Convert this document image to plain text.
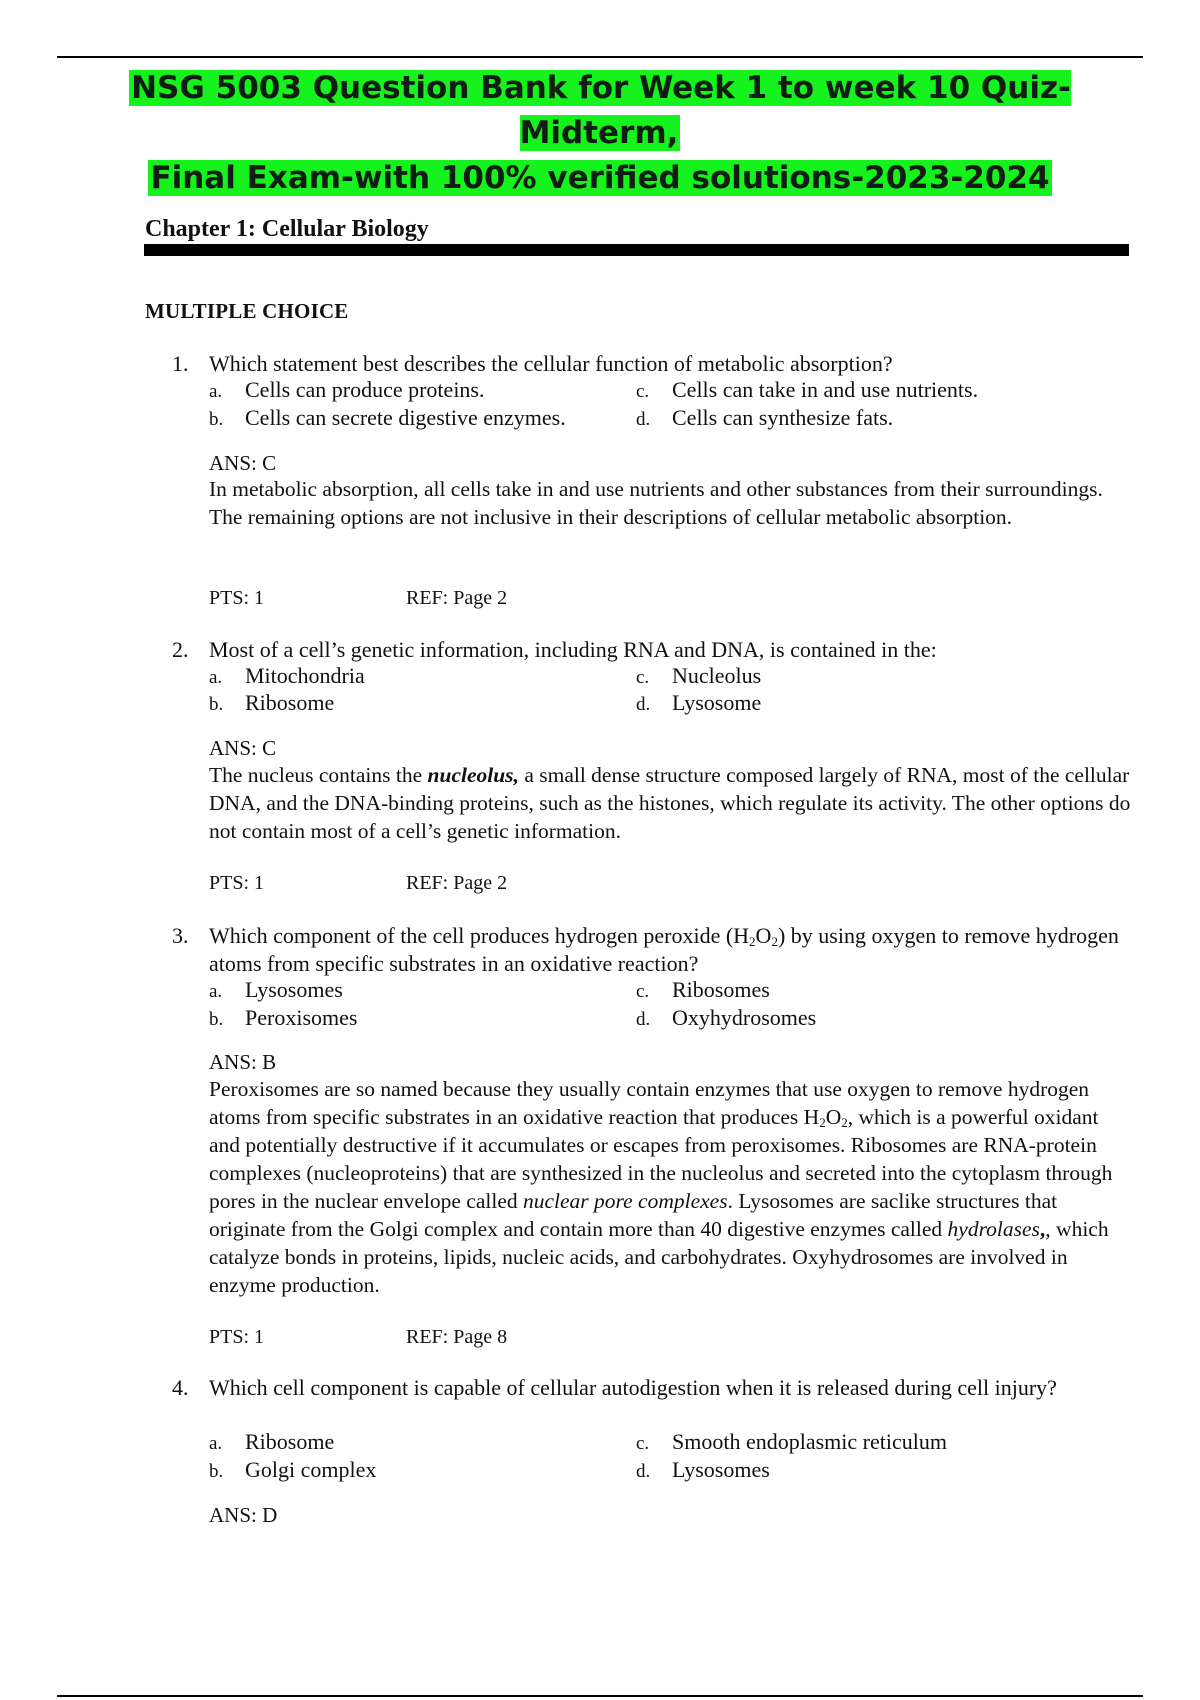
NSG 5003 Question Bank for Week 1 to week 10 Quiz-Midterm,
Final Exam-with 100% verified solutions-2023-2024
Chapter 1: Cellular Biology
MULTIPLE CHOICE
1. Which statement best describes the cellular function of metabolic absorption?
a. Cells can produce proteins.
b. Cells can secrete digestive enzymes.
c. Cells can take in and use nutrients.
d. Cells can synthesize fats.
ANS: C
In metabolic absorption, all cells take in and use nutrients and other substances from their surroundings. The remaining options are not inclusive in their descriptions of cellular metabolic absorption.
PTS: 1	REF: Page 2
2. Most of a cell’s genetic information, including RNA and DNA, is contained in the:
a. Mitochondria
b. Ribosome
c. Nucleolus
d. Lysosome
ANS: C
The nucleus contains the nucleolus, a small dense structure composed largely of RNA, most of the cellular DNA, and the DNA-binding proteins, such as the histones, which regulate its activity. The other options do not contain most of a cell’s genetic information.
PTS: 1	REF: Page 2
3. Which component of the cell produces hydrogen peroxide $(H_2O_2)$ by using oxygen to remove hydrogen atoms from specific substrates in an oxidative reaction?
a. Lysosomes
b. Peroxisomes
c. Ribosomes
d. Oxyhydrosomes
ANS: B
Peroxisomes are so named because they usually contain enzymes that use oxygen to remove hydrogen atoms from specific substrates in an oxidative reaction that produces $H_2O_2$, which is a powerful oxidant and potentially destructive if it accumulates or escapes from peroxisomes. Ribosomes are RNA-protein complexes (nucleoproteins) that are synthesized in the nucleolus and secreted into the cytoplasm through pores in the nuclear envelope called nuclear pore complexes. Lysosomes are saclike structures that originate from the Golgi complex and contain more than 40 digestive enzymes called hydrolases,, which catalyze bonds in proteins, lipids, nucleic acids, and carbohydrates. Oxyhydrosomes are involved in enzyme production.
PTS: 1	REF: Page 8
4. Which cell component is capable of cellular autodigestion when it is released during cell injury?
a. Ribosome
b. Golgi complex
c. Smooth endoplasmic reticulum
d. Lysosomes
ANS: D
